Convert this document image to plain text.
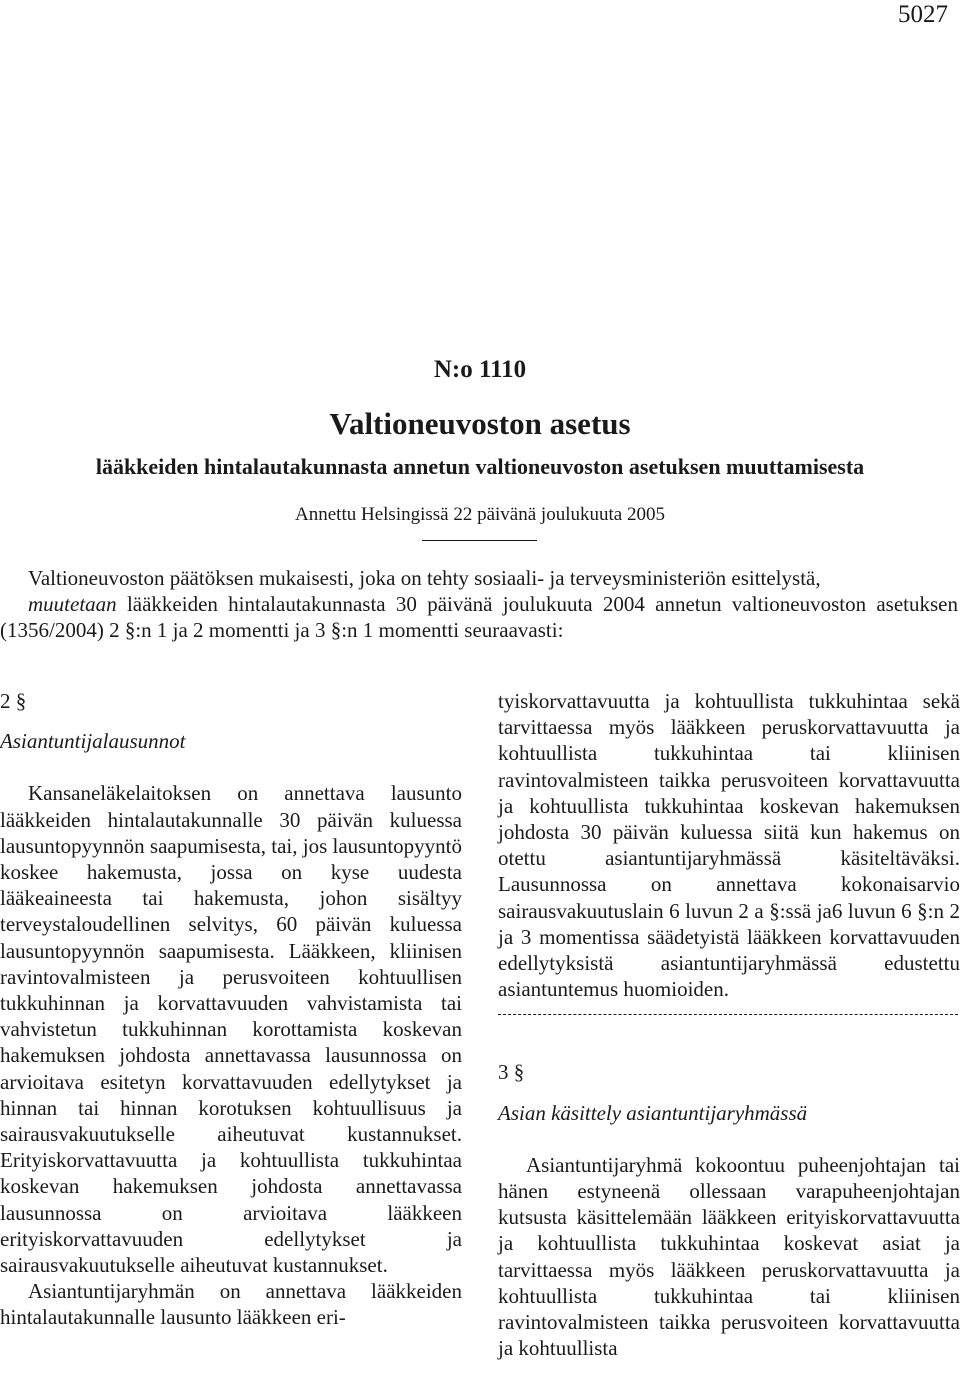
5027
N:o 1110
Valtioneuvoston asetus
lääkkeiden hintalautakunnasta annetun valtioneuvoston asetuksen muuttamisesta
Annettu Helsingissä 22 päivänä joulukuuta 2005

Valtioneuvoston päätöksen mukaisesti, joka on tehty sosiaali- ja terveysministeriön esittelystä,

muutetaan lääkkeiden hintalautakunnasta 30 päivänä joulukuuta 2004 annetun valtioneuvoston asetuksen (1356/2004) 2 §:n 1 ja 2 momentti ja 3 §:n 1 momentti seuraavasti:

2 §

Asiantuntijalausunnot

Kansaneläkelaitoksen on annettava lausunto lääkkeiden hintalautakunnalle 30 päivän kuluessa lausuntopyynnön saapumisesta, tai, jos lausuntopyyntö koskee hakemusta, jossa on kyse uudesta lääkeaineesta tai hakemusta, johon sisältyy terveystaloudellinen selvitys, 60 päivän kuluessa lausuntopyynnön saapumisesta. Lääkkeen, kliinisen ravintovalmisteen ja perusvoiteen kohtuullisen tukkuhinnan ja korvattavuuden vahvistamista tai vahvistetun tukkuhinnan korottamista koskevan hakemuksen johdosta annettavassa lausunnossa on arvioitava esitetyn korvattavuuden edellytykset ja hinnan tai hinnan korotuksen kohtuullisuus ja sairausvakuutukselle aiheutuvat kustannukset. Erityiskorvattavuutta ja kohtuullista tukkuhintaa koskevan hakemuksen johdosta annettavassa lausunnossa on arvioitava lääkkeen erityiskorvattavuuden edellytykset ja sairausvakuutukselle aiheutuvat kustannukset.

Asiantuntijaryhmän on annettava lääkkeiden hintalautakunnalle lausunto lääkkeen eri-

tyiskorvattavuutta ja kohtuullista tukkuhintaa sekä tarvittaessa myös lääkkeen peruskorvattavuutta ja kohtuullista tukkuhintaa tai kliinisen ravintovalmisteen taikka perusvoiteen korvattavuutta ja kohtuullista tukkuhintaa koskevan hakemuksen johdosta 30 päivän kuluessa siitä kun hakemus on otettu asiantuntijaryhmässä käsiteltäväksi. Lausunnossa on annettava kokonaisarvio sairausvakuutuslain 6 luvun 2 a §:ssä ja6 luvun 6 §:n 2 ja 3 momentissa säädetyistä lääkkeen korvattavuuden edellytyksistä asiantuntijaryhmässä edustettu asiantuntemus huomioiden.

3 §

Asian käsittely asiantuntijaryhmässä

Asiantuntijaryhmä kokoontuu puheenjohtajan tai hänen estyneenä ollessaan varapuheenjohtajan kutsusta käsittelemään lääkkeen erityiskorvattavuutta ja kohtuullista tukkuhintaa koskevat asiat ja tarvittaessa myös lääkkeen peruskorvattavuutta ja kohtuullista tukkuhintaa tai kliinisen ravintovalmisteen taikka perusvoiteen korvattavuutta ja kohtuullista
